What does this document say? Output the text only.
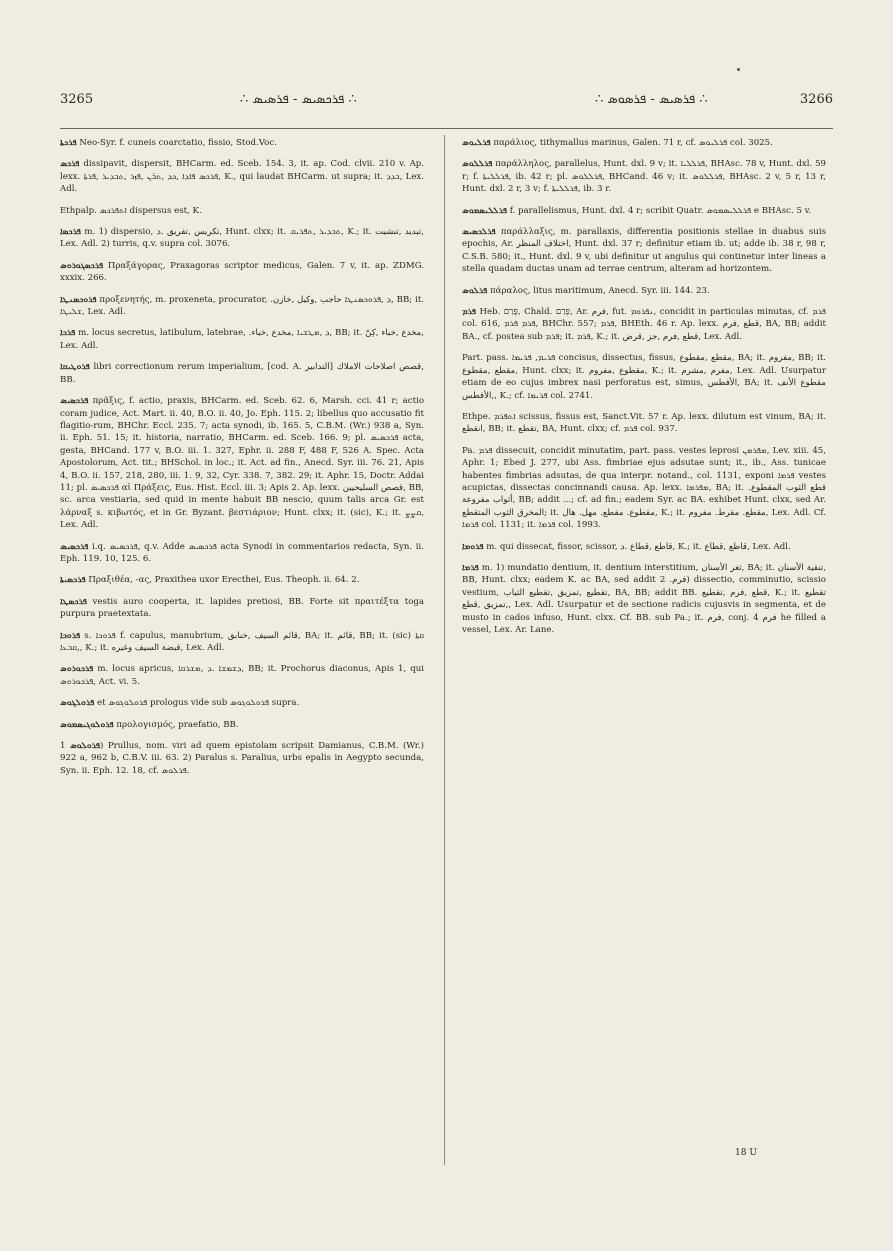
3265	∴ ܦܪܟܣܝܣ - ܦܪܣܝܣ ∴	∴ ܦܪܣܝܣ - ܦܪܣܘܣ ∴	3266

ܦܪܟܬܐ Neo-Syr. f. cuneis coarctatio, fissio, Stod.Voc.

ܦܪܟܣ dissipavit, dispersit, BHCarm. ed. Sceb. 154. 3, it. ap. Cod. clvii. 210 v. Ap. lexx. ܦܪܟܣ ܦܐܕܐ ,ܟܕ ,ܬܒ̈ܢ ,ܦܙܪ ,ܬܒܕܝܪ ,ܦܪܬܐ, K., qui laudat BHCarm. ut supra; it. ܒܕܕ, Lex. Adl.

Ethpalp. ܐܬܦܪܟܣ dispersus est, K.

ܦܪܟܣܐ m. 1) dispersio, تكريس ,تفريق .ܕ, Hunt. clxx; it. ܬܒܕܝܪ ,ܬܦܪܝܩ, K.; it. تبديد ,تنشيت, Lex. Adl. 2) turris, q.v. supra col. 3076.

ܦܪܟܣܓܘܪܘܣ Πραξάγορας, Praxagoras scriptor medicus, Galen. 7 v, it. ap. ZDMG. xxxix. 266.

ܦܪܘܟܣܢܛܐ προξενητής, m. proxeneta, procurator, .ܕ ,ܦܪܘܟܣܢܛܐ حاجب ,وكيل ,خازن, BB; it. ܫܠܝܛܐ, Lex. Adl.

ܦܪܟܐ m. locus secretus, latibulum, latebrae, .ܕ ,ܡܛܫܝܐ ,مخدع ,خباء, BB; it. مخدع ,خباء ,كِنّ, Lex. Adl.

ܦܪܘܛܝܩܐ libri correctionum rerum imperialium, [cod. A. التدابير] قصص اصلاحات الاملاك, BB.

ܦܪܟܣܝܣ πρᾶξις, f. actio, praxis, BHCarm. ed. Sceb. 62. 6, Marsh. cci. 41 r; actio coram judice, Act. Mart. ii. 40, B.O. ii. 40, Jo. Eph. 115. 2; libellus quo accusatio fit flagitio-rum, BHChr. Eccl. 235. 7; acta synodi, ib. 165. 5, C.B.M. (Wr.) 938 a, Syn. ii. Eph. 51. 15; it. historia, narratio, BHCarm. ed. Sceb. 166. 9; pl. ܦܪܟܣܝܣ acta, gesta, BHCand. 177 v, B.O. iii. 1. 327, Ephr. ii. 288 F, 488 F, 526 A. Spec. Acta Apostolorum, Act. tit.; BHSchol. in loc.; it. Act. ad fin., Anecd. Syr. iii. 76. 21, Apis 4, B.O. ii. 157, 218, 280, iii. 1. 9, 32, Cyr. 338. 7, 382. 29; it. Aphr. 15, Doctr. Addai 11; pl. ܦܪܟܣܝܣ αἱ Πράξεις, Eus. Hist. Eccl. iii. 3; Apis 2. Ap. lexx. قصص السليحيين, BB, sc. arca vestiaria, sed quid in mente habuit BB nescio, quum talis arca Gr. est λάρναξ s. κιβωτός, et in Gr. Byzant. βεστιάριον; Hunt. clxx; it. (sic), K.; it. ܩܨܨ, Lex. Adl.

ܦܪܟܣܝܣ i.q. ܦܪܟܣܝܣ, q.v. Adde ܦܪܟܣܝܣ acta Synodi in commentarios redacta, Syn. ii. Eph. 119. 10, 125. 6.

ܦܪܟܣܝܬܐ Πραξιθέα, -ας, Praxithea uxor Erecthei, Eus. Theoph. ii. 64. 2.

ܦܪܟܣܛܐ vestis auro cooperta, it. lapides pretiosi, BB. Forte sit πραιτέξτα toga purpura praetextata.

ܦܪܘܟܐ s. ܦܪܘܟܐ f. capulus, manubrium, قائم السيف ,خنابق, BA; it. قائم, BB; it. (sic) ܩܬܐ ,ܩܒܥܐ, K.; it. قبضة السيف وغيره, Lex. Adl.

ܦܪܟܘܪܘܣ m. locus apricus, ܕܫܡܫܐ .ܕ ,ܡܫܪܩܐ, BB; it. Prochorus diaconus, Apis 1, qui ܦܪܟܘܪܘܣ, Act. vi. 5.

ܦܪܘܠܓܘܣ et ܦܪܘܠܘܓܘܣ prologus vide sub ܦܪܘܠܘܓܘܣ supra.

ܦܪܘܠܘܓܝܣܡܘܣ προλογισμός, praefatio, BB.

ܦܪܘܠܘܣ 1) Prullus, nom. viri ad quem epistolam scripsit Damianus, C.B.M. (Wr.) 922 a, 962 b, C.B.V. iii. 63. 2) Paralus s. Paralius, urbs epalis in Aegypto secunda, Syn. ii. Eph. 12. 18, cf. ܦܪܠܘܣ.

ܦܪܠܝܘܣ παράλιος, tithymallus marinus, Galen. 71 r, cf. ܦܪܠܝܘܣ col. 3025.

ܦܪܠܠܘܣ παράλληλος, parallelus, Hunt. dxl. 9 v; it. ܦܪܠܠܝܐ, BHAsc. 78 v, Hunt. dxl. 59 r; f. ܦܪܠܠܝܬܐ, ib. 42 r; pl. ܦܪܠܠܘܣ, BHCand. 46 v; it. ܦܪܠܠܘܣ, BHAsc. 2 v, 5 r, 13 r, Hunt. dxl. 2 r, 3 v; f. ܦܪܠܠܝܬܐ, ib. 3 r.

ܦܪܠܠܝܣܡܘܣ f. parallelismus, Hunt. dxl. 4 r; scribit Quatr. ܦܪܠܠܝܣܡܘܣ e BHAsc. 5 v.

ܦܪܠܟܣܝܣ παράλλαξις, m. parallaxis, differentia positionis stellae in duabus suis epochis, Ar. اختلاف المنظر, Hunt. dxl. 37 r; definitur etiam ib. ut; adde ib. 38 r, 98 r, C.S.B. 580; it., Hunt. dxl. 9 v, ubi definitur ut angulus qui continetur inter lineas a stella quadam ductas unam ad terrae centrum, alteram ad horizontem.

ܦܪܠܘܣ πάραλος, litus maritimum, Anecd. Syr. iii. 144. 23.

ܦܪܡ Heb. פָּרַם, Chald. פְּרַם, Ar. فرم, fut. ܢܦܪܘܡ, concidit in particulas minutas, cf. ܦܪܡ col. 616, ܦܪܡ ܦܪܡ, BHChr. 557; ܦܪܡ, BHEth. 46 r. Ap. lexx. قطع ,فرم, BA, BB; addit BA., cf. postea sub ܦܪܡ; it. ܦܪܡ, K.; it. قطع ,فرم ,جز ,قرض, Lex. Adl.

Part. pass. ܦܪܝܡ, ܦܪܝܡܐ concisus, dissectus, fissus, مقطع ,مقطوع, BA; it. مفروم, BB; it. مقطع ,مقطوع, Hunt. clxx; it. مقطوع ,مفروم, K.; it. مفرم ,مشرم, Lex. Adl. Usurpatur etiam de eo cujus imbrex nasi perforatus est, simus, الأفطس, BA; it. مقطوع الأنف ,الأفطس, K.; cf. ܦܪܝܡܐ col. 2741.

Ethpe. ܐܬܦܪܡ scissus, fissus est, Sanct.Vit. 57 r. Ap. lexx. dilutum est vinum, BA; it. انقطع, BB; it. تقطع, BA, Hunt. clxx; cf. ܦܪܡ col. 937.

Pa. ܦܪܡ dissecuit, concidit minutatim, part. pass. vestes leprosi ܡܦܪܡܢ, Lev. xiii. 45, Aphr. 1; Ebed J. 277, ubi Ass. fimbriae ejus adsutae sunt; it., ib., Ass. tunicae habentes fimbrias adsutas, de qua interpr. notand., col. 1131, exponi ܦܪܡܐ vestes acupictas, dissectas concinnandi causa. Ap. lexx. ܡܦܪܡܐ, BA; it. قطع الثوب المقطوع. أثواب مفروعة, BB; addit ...; cf. ad fin.; eadem Syr. ac BA. exhibet Hunt. clxx, sed Ar. المخرق الثوب المتقطع; it. مقطوع. مقطع. مهل. هال, K.; it. مقطع. مقرط. مفروم, Lex. Adl. Cf. ܦܪܡܐ col. 1131; it. ܦܪܡܐ col. 1993.

ܦܪܘܡܐ m. qui dissecat, fissor, scissor, قاطع ,قطاع .ܕ, K.; it. قاطع ,قطاع, Lex. Adl.

ܦܪܡܐ m. 1) mundatio dentium, it. dentium interstitium, ثغر الأسنان, BA; it. تنقية الأسنان, BB, Hunt. clxx; eadem K. ac BA, sed addit فرم. 2) dissectio, comminutio, scissio vestium, تقطيع ,تمزيق ,تقطيع الثياب, BA, BB; addit BB. قطع ,فرم ,تقطيع, K.; it. تقطيع ,تمزيق ,قطع, Lex. Adl. Usurpatur et de sectione radicis cujusvis in segmenta, et de musto in cados infuso, Hunt. clxx. Cf. BB. sub Pa.; it. فرم, conj. 4 فرم he filled a vessel, Lex. Ar. Lane.

18 U
